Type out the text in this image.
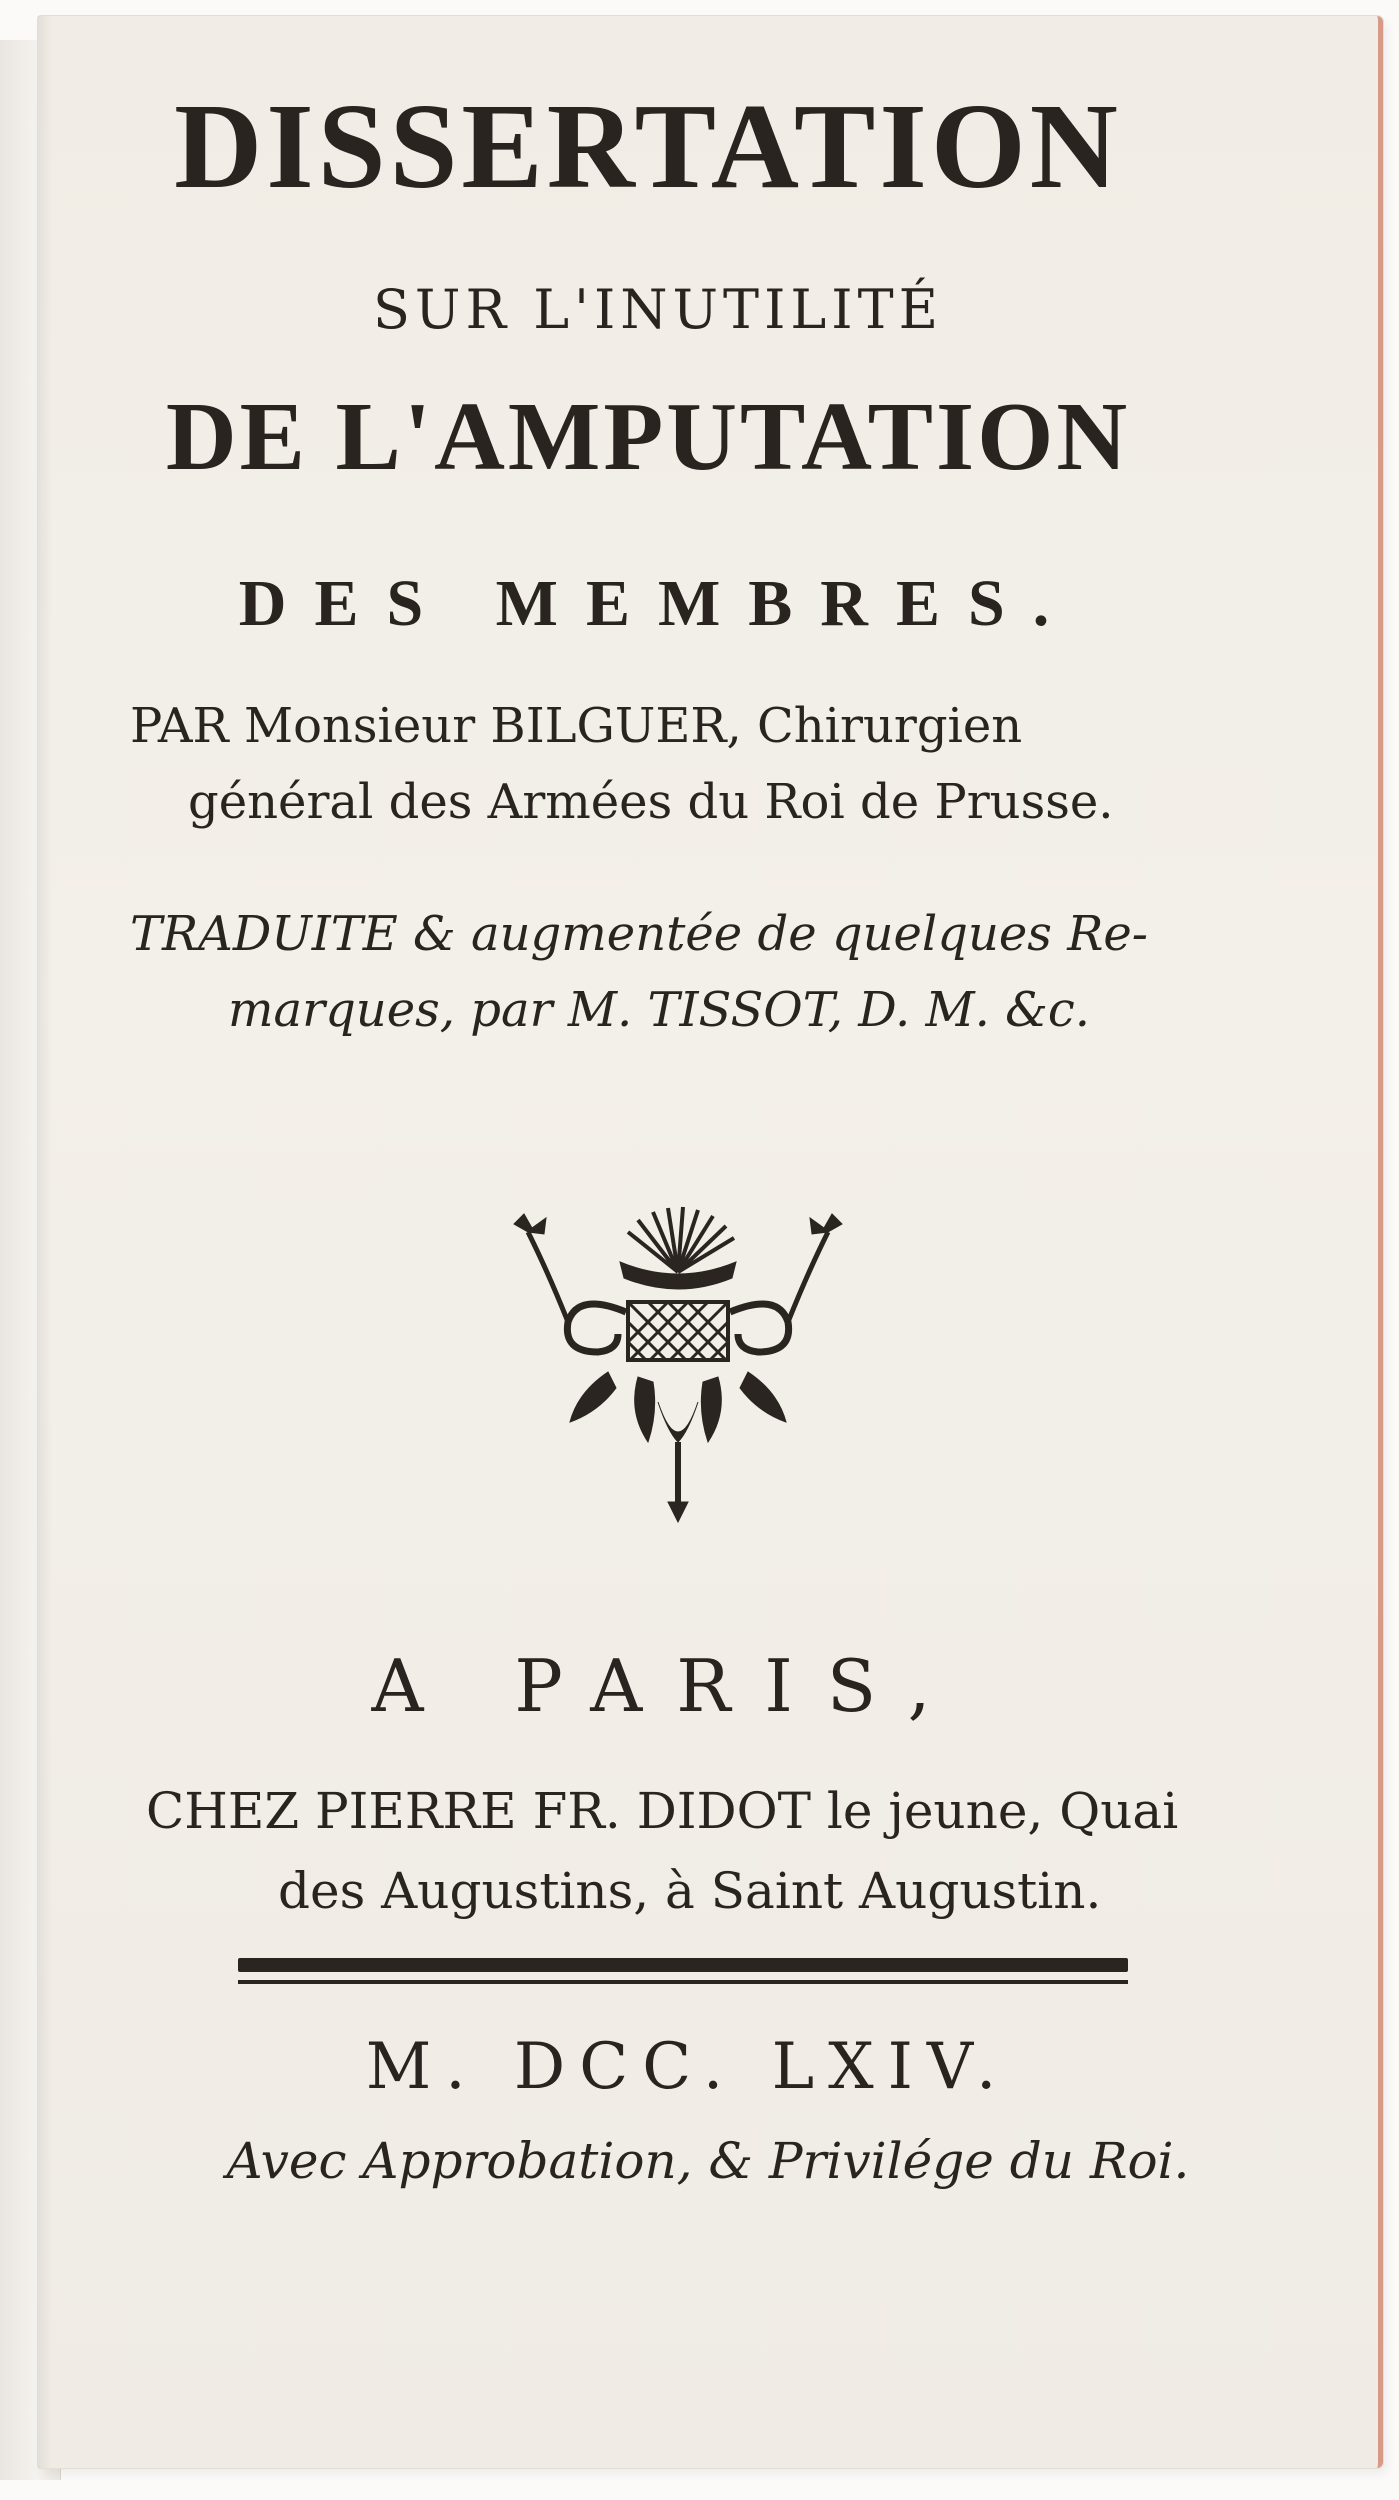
DISSERTATION
SUR L'INUTILITÉ
DE L'AMPUTATION
DES MEMBRES.
PAR Monsieur BILGUER, Chirurgien
général des Armées du Roi de Prusse.
TRADUITE & augmentée de quelques Re-
marques, par M. TISSOT, D. M. &c.
A PARIS,
CHEZ PIERRE FR. DIDOT le jeune, Quai
des Augustins, à Saint Augustin.
M. DCC. LXIV.
Avec Approbation, & Privilége du Roi.
